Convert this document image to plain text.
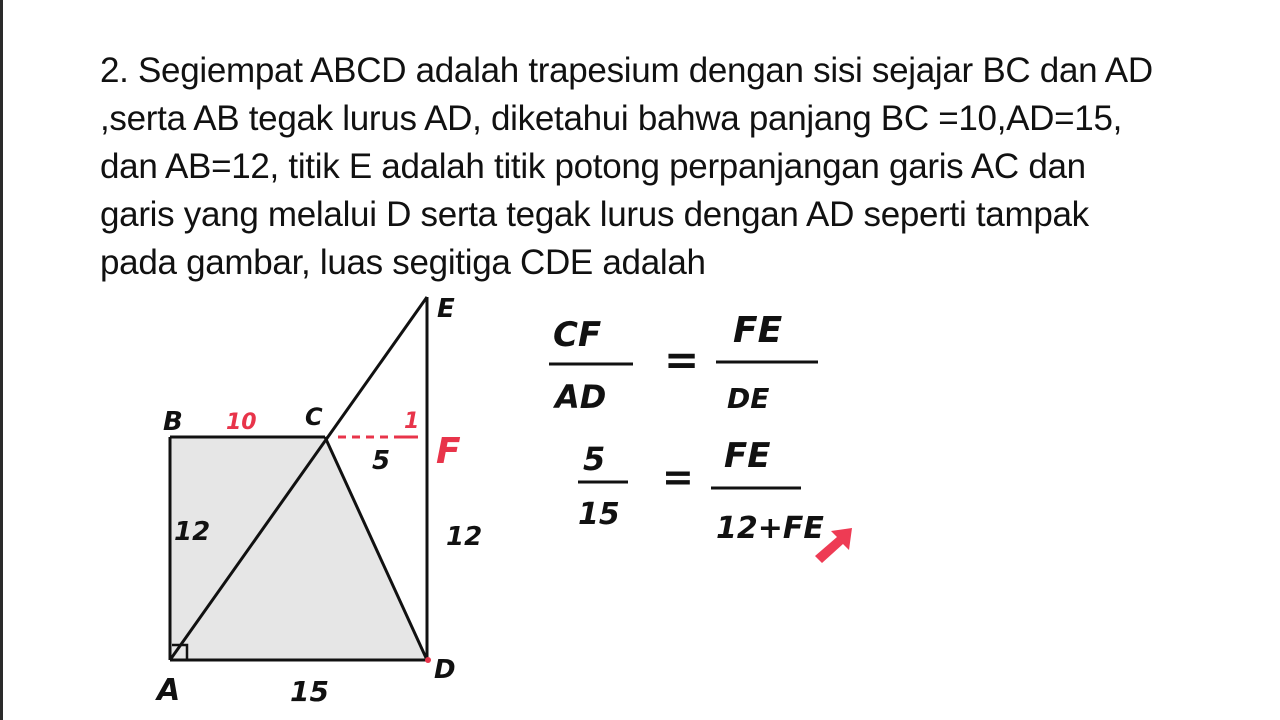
2. Segiempat ABCD adalah trapesium dengan sisi sejajar BC dan AD
,serta AB tegak lurus AD, diketahui bahwa panjang BC =10,AD=15,
dan AB=12, titik E adalah titik potong perpanjangan garis AC dan
garis yang melalui D serta tegak lurus dengan AD seperti tampak
pada gambar, luas segitiga CDE adalah
B	C
E
D
A
F
10
12	12
15
5
1
CF
AD
=
FE
DE
5
15
= FE
12+FE
